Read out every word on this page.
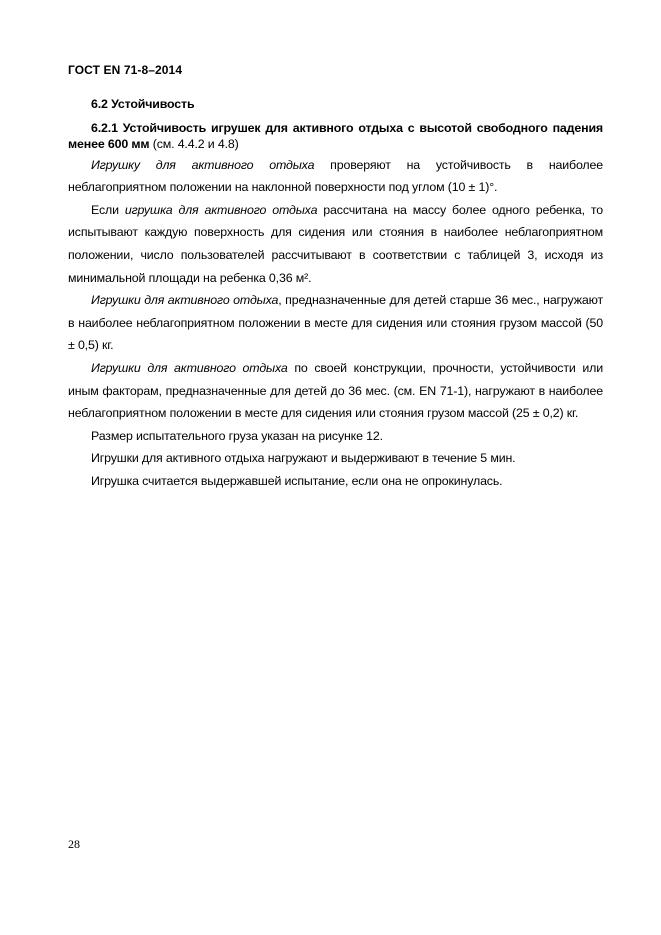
ГОСТ EN 71-8–2014

6.2 Устойчивость

6.2.1 Устойчивость игрушек для активного отдыха с высотой свободного падения менее 600 мм (см. 4.4.2 и 4.8)

Игрушку для активного отдыха проверяют на устойчивость в наиболее неблагоприятном положении на наклонной поверхности под углом (10 ± 1)°.

Если игрушка для активного отдыха рассчитана на массу более одного ребенка, то испытывают каждую поверхность для сидения или стояния в наиболее неблагоприятном положении, число пользователей рассчитывают в соответствии с таблицей 3, исходя из минимальной площади на ребенка 0,36 м².

Игрушки для активного отдыха, предназначенные для детей старше 36 мес., нагружают в наиболее неблагоприятном положении в месте для сидения или стояния грузом массой (50 ± 0,5) кг.

Игрушки для активного отдыха по своей конструкции, прочности, устойчивости или иным факторам, предназначенные для детей до 36 мес. (см. EN 71-1), нагружают в наиболее неблагоприятном положении в месте для сидения или стояния грузом массой (25 ± 0,2) кг.

Размер испытательного груза указан на рисунке 12.

Игрушки для активного отдыха нагружают и выдерживают в течение 5 мин.

Игрушка считается выдержавшей испытание, если она не опрокинулась.

28
